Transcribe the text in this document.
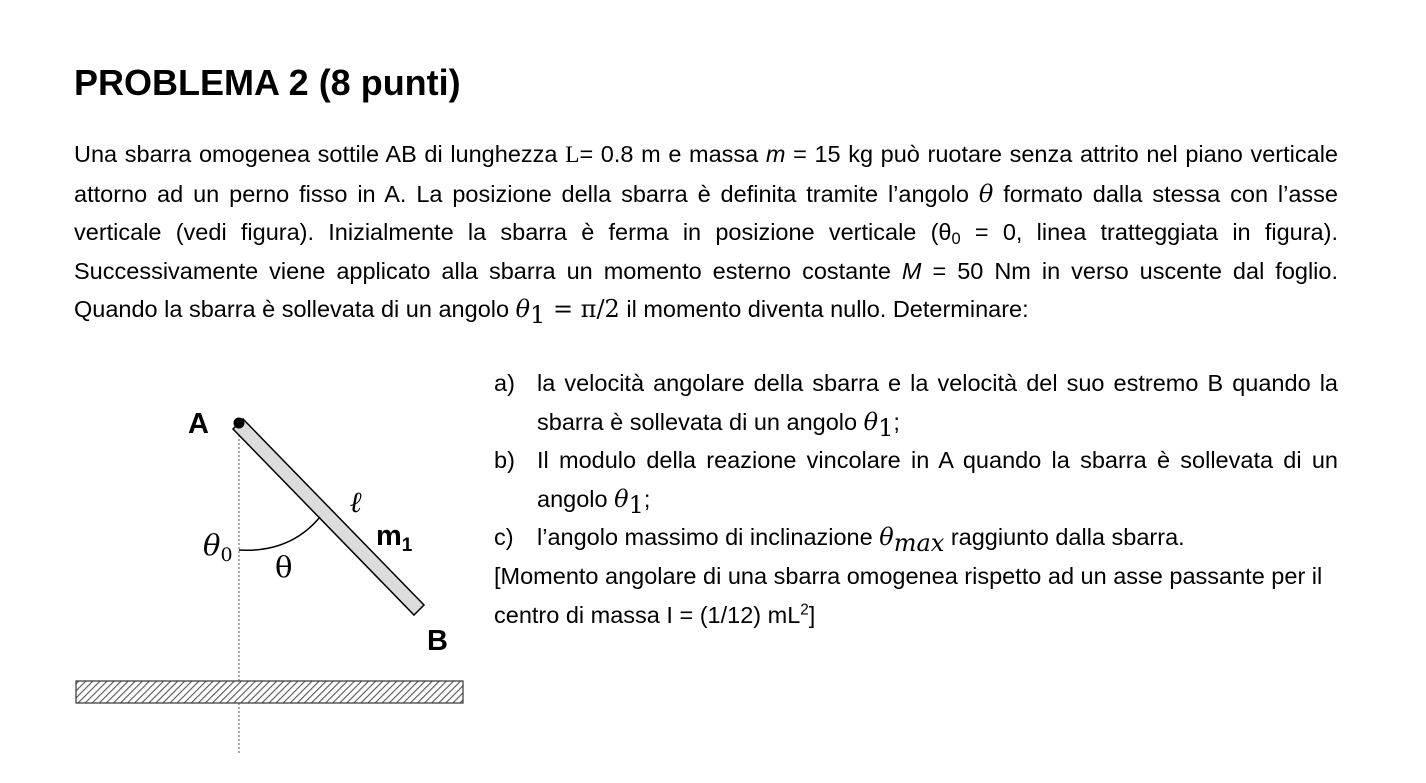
PROBLEMA 2 (8 punti)

Una sbarra omogenea sottile AB di lunghezza L= 0.8 m e massa m = 15 kg può ruotare senza attrito nel piano verticale attorno ad un perno fisso in A. La posizione della sbarra è definita tramite l’angolo θ formato dalla stessa con l’asse verticale (vedi figura). Inizialmente la sbarra è ferma in posizione verticale ($\theta_0 = 0$, linea tratteggiata in figura). Successivamente viene applicato alla sbarra un momento esterno costante M = 50 Nm in verso uscente dal foglio. Quando la sbarra è sollevata di un angolo $\theta_1 = \pi/2$ il momento diventa nullo. Determinare:

a) la velocità angolare della sbarra e la velocità del suo estremo B quando la sbarra è sollevata di un angolo $\theta_1$;
b) Il modulo della reazione vincolare in A quando la sbarra è sollevata di un angolo $\theta_1$;
c) l’angolo massimo di inclinazione $\theta_{max}$ raggiunto dalla sbarra.

[Momento angolare di una sbarra omogenea rispetto ad un asse passante per il centro di massa I = (1/12) $mL^2$]

A
B
ℓ
$m_1$
$\theta_0$ θ
